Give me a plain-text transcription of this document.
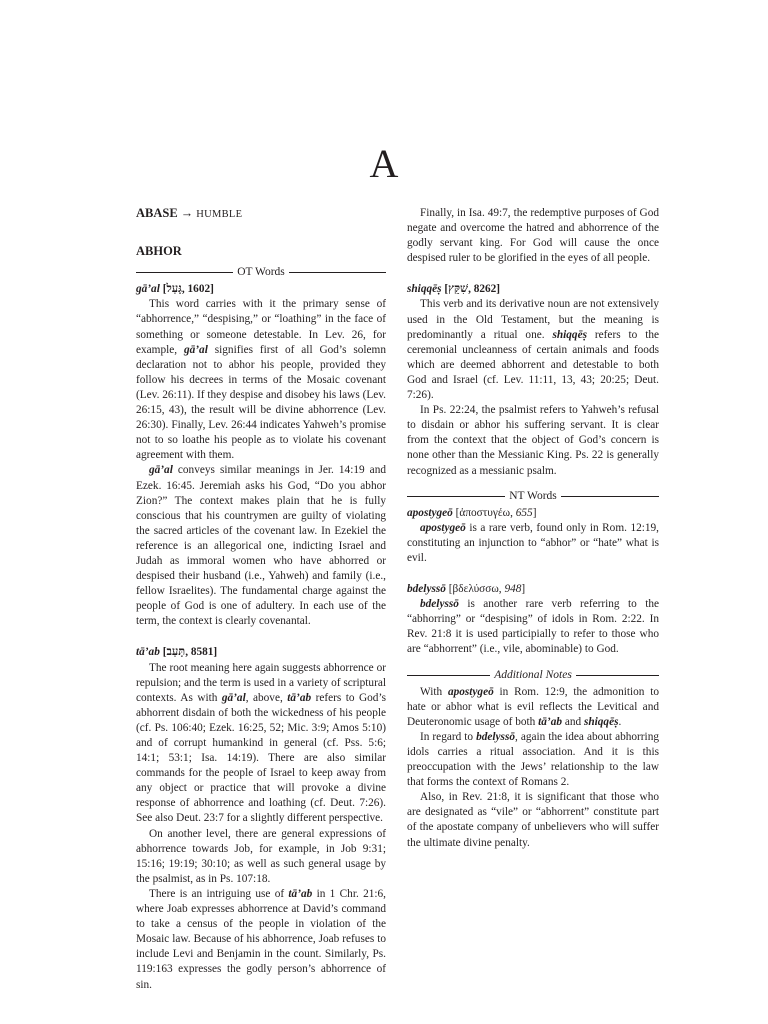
A

ABASE → HUMBLE

ABHOR

OT Words

gā’al [גָּעַל, 1602]

This word carries with it the primary sense of “abhorrence,” “despising,” or “loathing” in the face of something or someone detestable. In Lev. 26, for example, gā’al signifies first of all God’s solemn declaration not to abhor his people, provided they follow his decrees in terms of the Mosaic covenant (Lev. 26:11). If they despise and disobey his laws (Lev. 26:15, 43), the result will be divine abhorrence (Lev. 26:30). Finally, Lev. 26:44 indicates Yahweh’s promise not to so loathe his people as to violate his covenant agreement with them.

gā’al conveys similar meanings in Jer. 14:19 and Ezek. 16:45. Jeremiah asks his God, “Do you abhor Zion?” The context makes plain that he is fully conscious that his countrymen are guilty of violating the sacred articles of the covenant law. In Ezekiel the reference is an allegorical one, indicting Israel and Judah as immoral women who have abhorred or despised their husband (i.e., Yahweh) and family (i.e., fellow Israelites). The fundamental charge against the people of God is one of adultery. In each use of the term, the context is clearly covenantal.

tā’ab [תָּעַב, 8581]

The root meaning here again suggests abhorrence or repulsion; and the term is used in a variety of scriptural contexts. As with gā’al, above, tā’ab refers to God’s abhorrent disdain of both the wickedness of his people (cf. Ps. 106:40; Ezek. 16:25, 52; Mic. 3:9; Amos 5:10) and of corrupt humankind in general (cf. Pss. 5:6; 14:1; 53:1; Isa. 14:19). There are also similar commands for the people of Israel to keep away from any object or practice that will provoke a divine response of abhorrence and loathing (cf. Deut. 7:26). See also Deut. 23:7 for a slightly different perspective.

On another level, there are general expressions of abhorrence towards Job, for example, in Job 9:31; 15:16; 19:19; 30:10; as well as such general usage by the psalmist, as in Ps. 107:18.

There is an intriguing use of tā’ab in 1 Chr. 21:6, where Joab expresses abhorrence at David’s command to take a census of the people in violation of the Mosaic law. Because of his abhorrence, Joab refuses to include Levi and Benjamin in the count. Similarly, Ps. 119:163 expresses the godly person’s abhorrence of sin.

Finally, in Isa. 49:7, the redemptive purposes of God negate and overcome the hatred and abhorrence of the godly servant king. For God will cause the once despised ruler to be glorified in the eyes of all people.

shiqqēṣ [שִׁקֵּץ, 8262]

This verb and its derivative noun are not extensively used in the Old Testament, but the meaning is predominantly a ritual one. shiqqēṣ refers to the ceremonial uncleanness of certain animals and foods which are deemed abhorrent and detestable to both God and Israel (cf. Lev. 11:11, 13, 43; 20:25; Deut. 7:26).

In Ps. 22:24, the psalmist refers to Yahweh’s refusal to disdain or abhor his suffering servant. It is clear from the context that the object of God’s concern is none other than the Messianic King. Ps. 22 is generally recognized as a messianic psalm.

NT Words

apostygeō [ἀποστυγέω, 655]

apostygeō is a rare verb, found only in Rom. 12:19, constituting an injunction to “abhor” or “hate” what is evil.

bdelyssō [βδελύσσω, 948]

bdelyssō is another rare verb referring to the “abhorring” or “despising” of idols in Rom. 2:22. In Rev. 21:8 it is used participially to refer to those who are “abhorrent” (i.e., vile, abominable) to God.

Additional Notes

With apostygeō in Rom. 12:9, the admonition to hate or abhor what is evil reflects the Levitical and Deuteronomic usage of both tā’ab and shiqqēṣ.

In regard to bdelyssō, again the idea about abhorring idols carries a ritual association. And it is this preoccupation with the Jews’ relationship to the law that forms the context of Romans 2.

Also, in Rev. 21:8, it is significant that those who are designated as “vile” or “abhorrent” constitute part of the apostate company of unbelievers who will suffer the ultimate divine penalty.
